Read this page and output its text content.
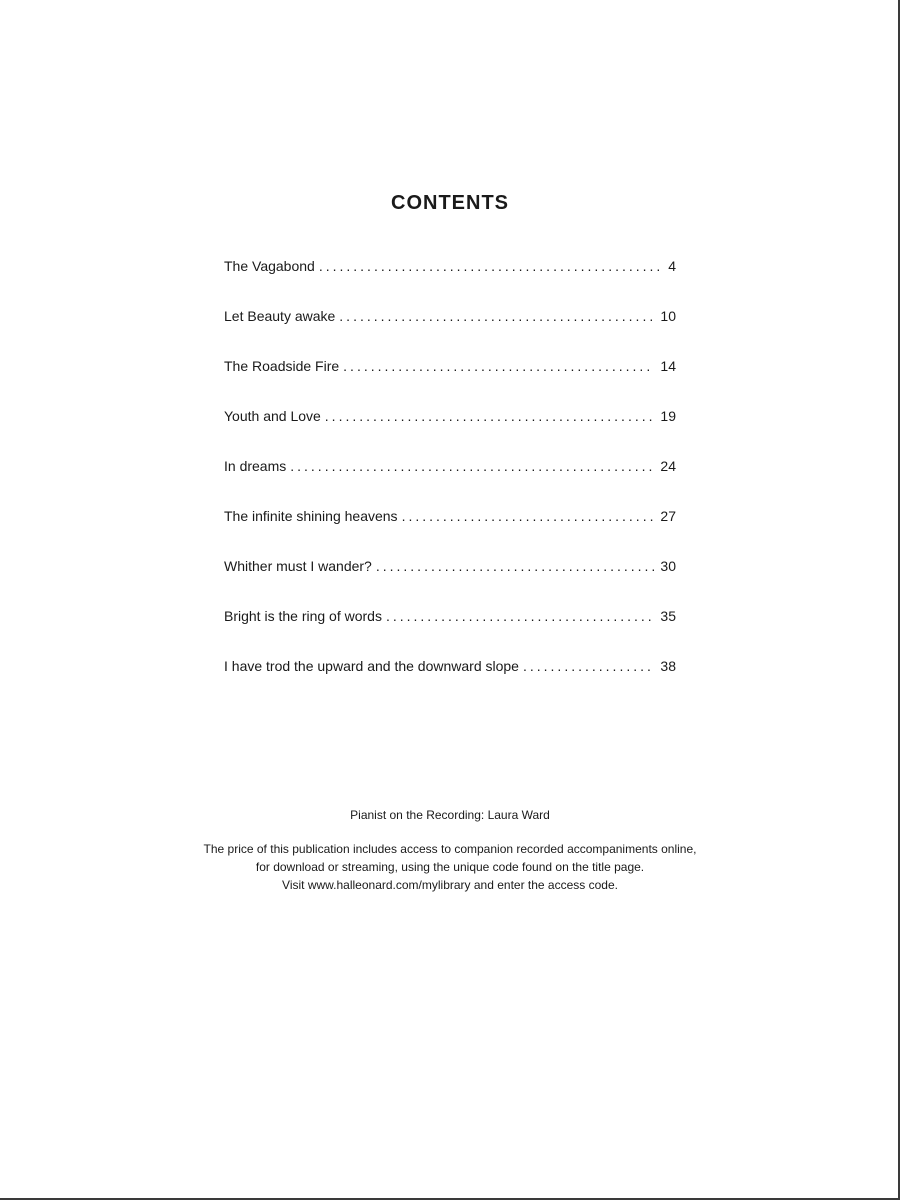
CONTENTS
The Vagabond .....	4
Let Beauty awake .....	10
The Roadside Fire .....	14
Youth and Love .....	19
In dreams .....	24
The infinite shining heavens .....	27
Whither must I wander? .....	30
Bright is the ring of words .....	35
I have trod the upward and the downward slope .....	38
Pianist on the Recording: Laura Ward
The price of this publication includes access to companion recorded accompaniments online,
for download or streaming, using the unique code found on the title page.
Visit www.halleonard.com/mylibrary and enter the access code.
